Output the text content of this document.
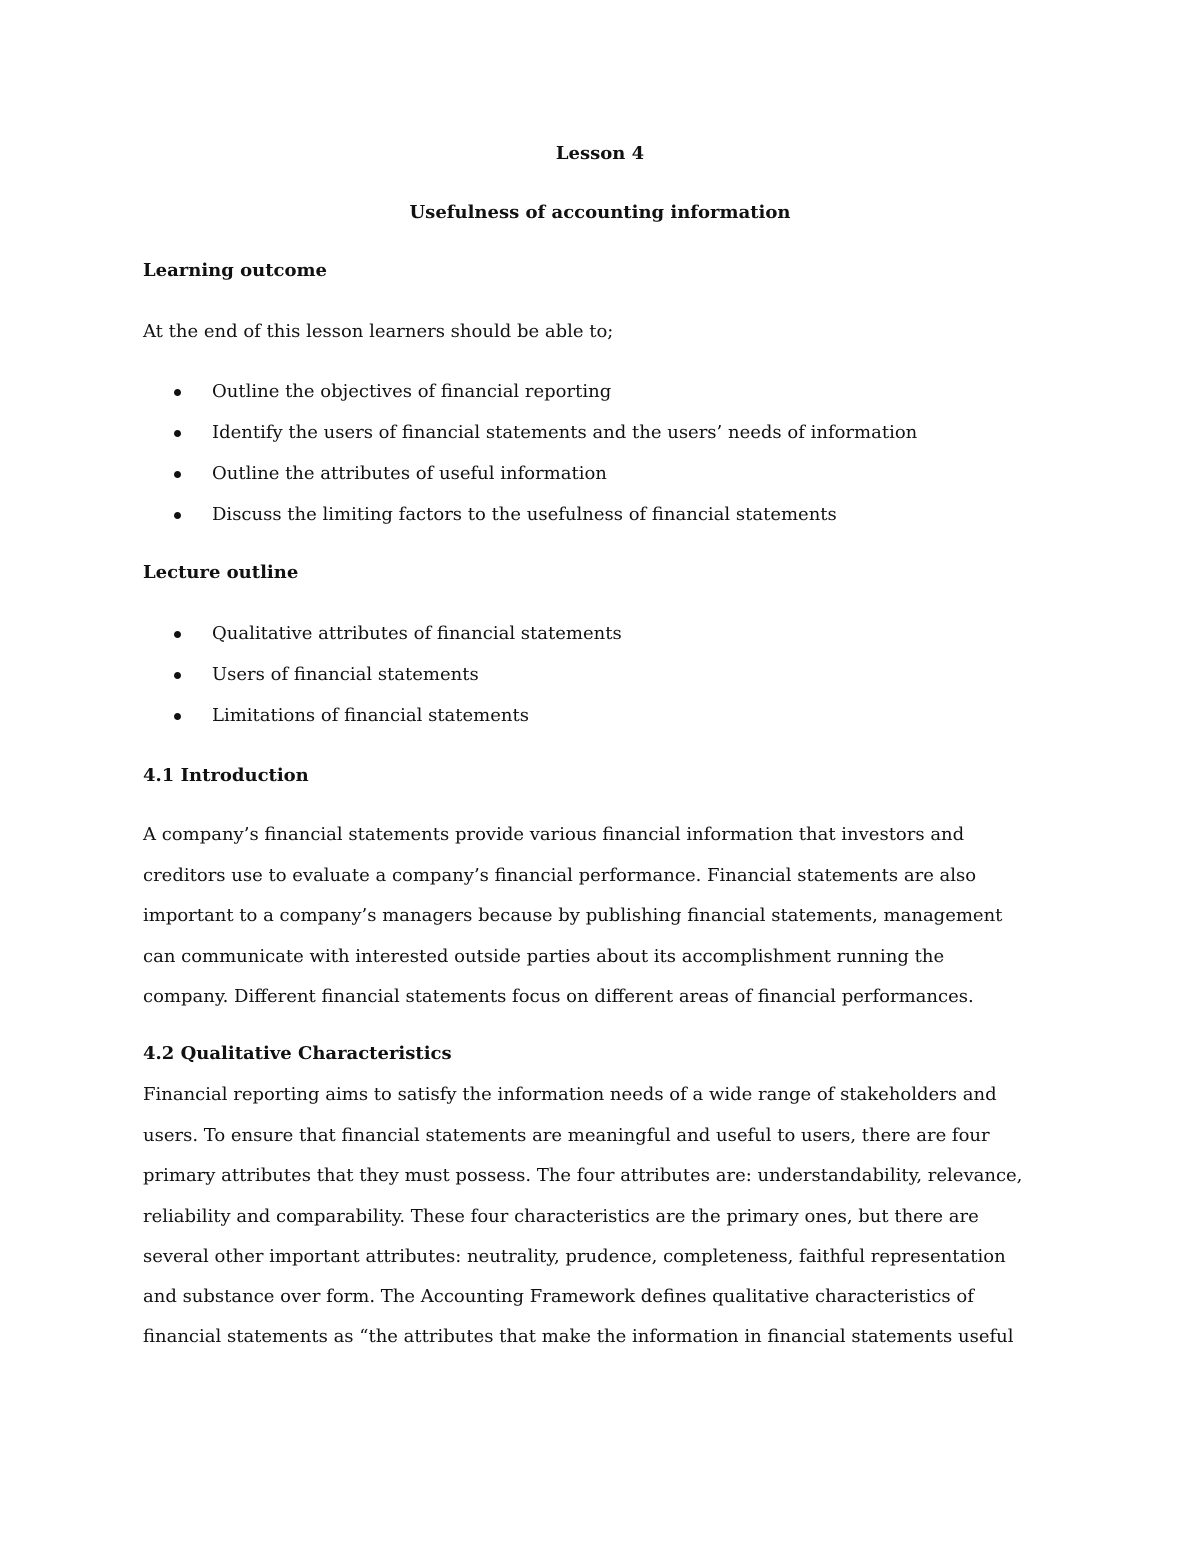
Lesson 4
Usefulness of accounting information
Learning outcome
At the end of this lesson learners should be able to;
Outline the objectives of financial reporting
Identify the users of financial statements and the users’ needs of information
Outline the attributes of useful information
Discuss the limiting factors to the usefulness of financial statements
Lecture outline
Qualitative attributes of financial statements
Users of financial statements
Limitations of financial statements
4.1 Introduction
A company’s financial statements provide various financial information that investors and
creditors use to evaluate a company’s financial performance. Financial statements are also
important to a company’s managers because by publishing financial statements, management
can communicate with interested outside parties about its accomplishment running the
company. Different financial statements focus on different areas of financial performances.
4.2 Qualitative Characteristics
Financial reporting aims to satisfy the information needs of a wide range of stakeholders and
users. To ensure that financial statements are meaningful and useful to users, there are four
primary attributes that they must possess. The four attributes are: understandability, relevance,
reliability and comparability. These four characteristics are the primary ones, but there are
several other important attributes: neutrality, prudence, completeness, faithful representation
and substance over form. The Accounting Framework defines qualitative characteristics of
financial statements as “the attributes that make the information in financial statements useful
